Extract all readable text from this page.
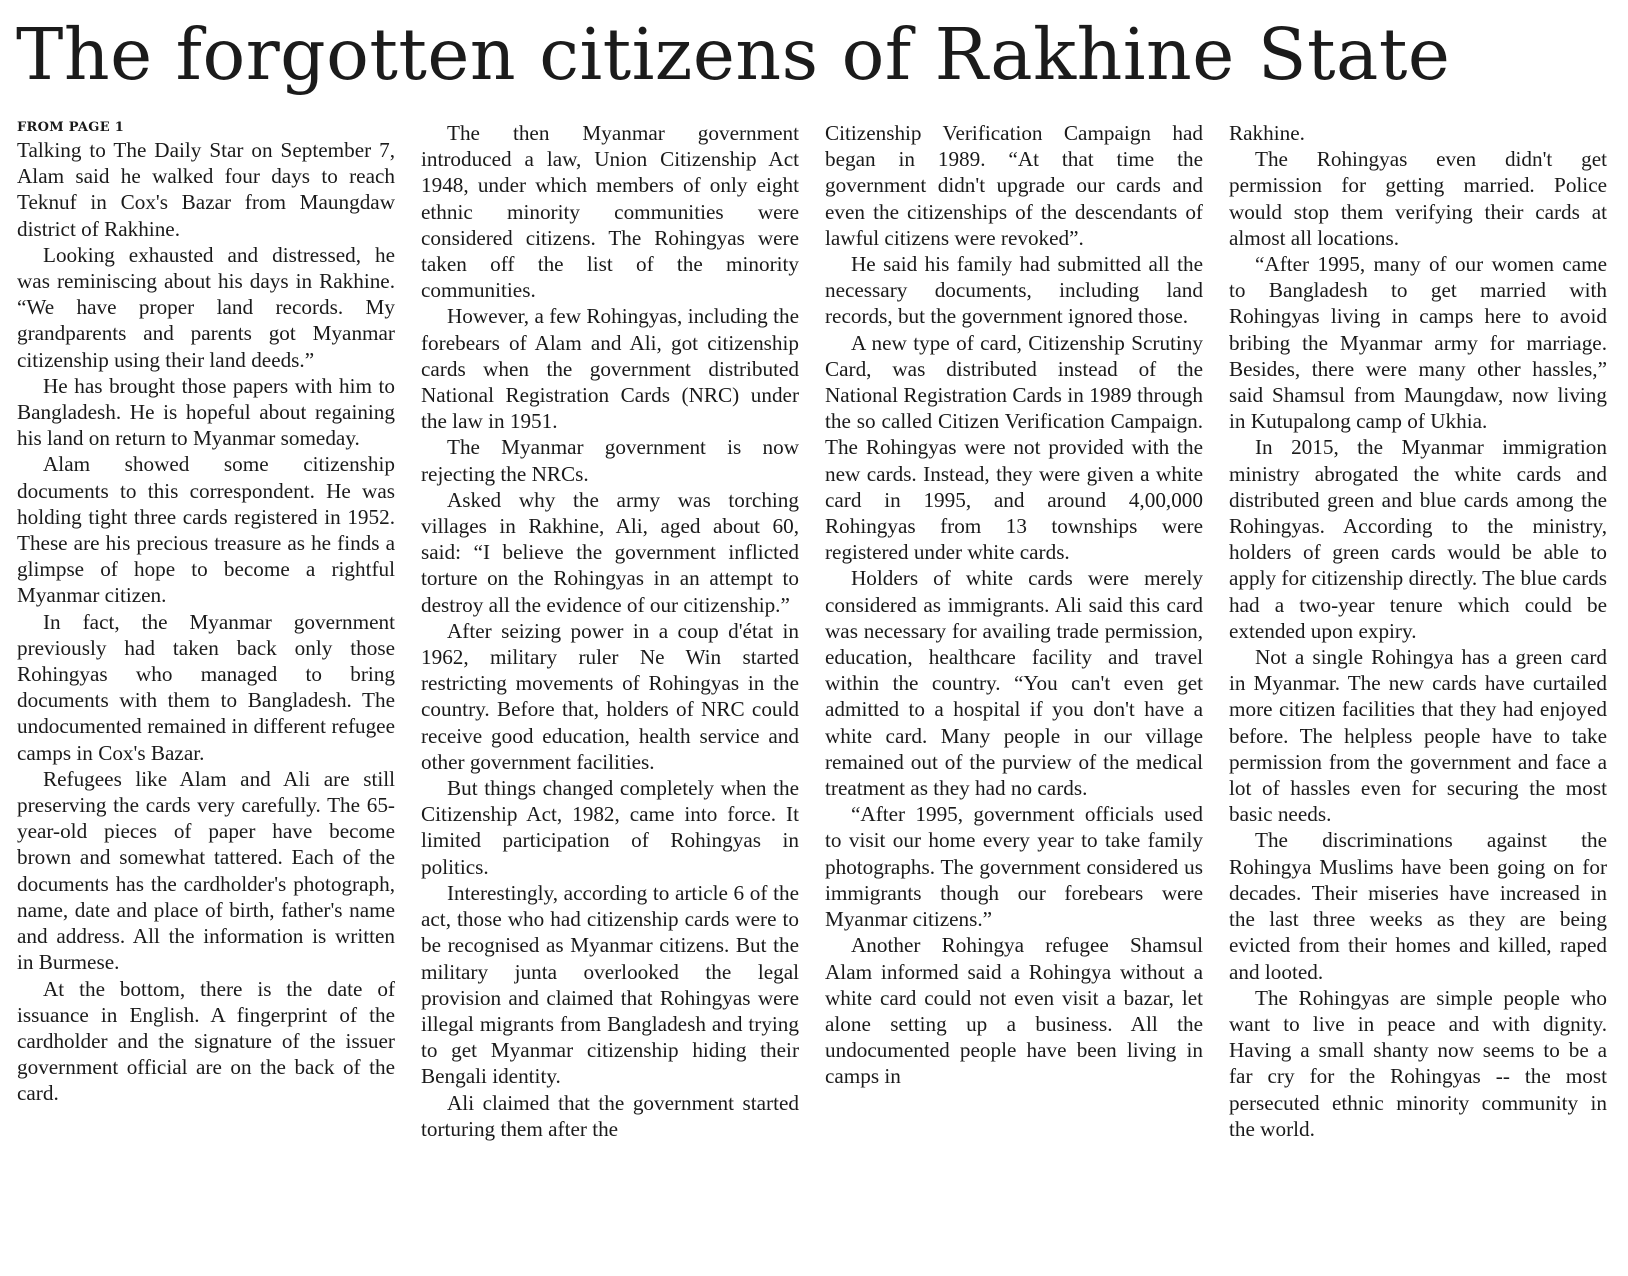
The forgotten citizens of Rakhine State
FROM PAGE 1

Talking to The Daily Star on September 7, Alam said he walked four days to reach Teknuf in Cox's Bazar from Maungdaw district of Rakhine.

Looking exhausted and distressed, he was reminiscing about his days in Rakhine. “We have proper land records. My grandparents and parents got Myanmar citizenship using their land deeds.”

He has brought those papers with him to Bangladesh. He is hopeful about regaining his land on return to Myanmar someday.

Alam showed some citizenship documents to this correspondent. He was holding tight three cards registered in 1952. These are his precious treasure as he finds a glimpse of hope to become a rightful Myanmar citizen.

In fact, the Myanmar government previously had taken back only those Rohingyas who managed to bring documents with them to Bangladesh. The undocumented remained in different refugee camps in Cox's Bazar.

Refugees like Alam and Ali are still preserving the cards very carefully. The 65-year-old pieces of paper have become brown and somewhat tattered. Each of the documents has the cardholder's photograph, name, date and place of birth, father's name and address. All the information is written in Burmese.

At the bottom, there is the date of issuance in English. A fingerprint of the cardholder and the signature of the issuer government official are on the back of the card.

The then Myanmar government introduced a law, Union Citizenship Act 1948, under which members of only eight ethnic minority communities were considered citizens. The Rohingyas were taken off the list of the minority communities.

However, a few Rohingyas, including the forebears of Alam and Ali, got citizenship cards when the government distributed National Registration Cards (NRC) under the law in 1951.

The Myanmar government is now rejecting the NRCs.

Asked why the army was torching villages in Rakhine, Ali, aged about 60, said: “I believe the government inflicted torture on the Rohingyas in an attempt to destroy all the evidence of our citizenship.”

After seizing power in a coup d'état in 1962, military ruler Ne Win started restricting movements of Rohingyas in the country. Before that, holders of NRC could receive good education, health service and other government facilities.

But things changed completely when the Citizenship Act, 1982, came into force. It limited participation of Rohingyas in politics.

Interestingly, according to article 6 of the act, those who had citizenship cards were to be recognised as Myanmar citizens. But the military junta overlooked the legal provision and claimed that Rohingyas were illegal migrants from Bangladesh and trying to get Myanmar citizenship hiding their Bengali identity.

Ali claimed that the government started torturing them after the

Citizenship Verification Campaign had began in 1989. “At that time the government didn't upgrade our cards and even the citizenships of the descendants of lawful citizens were revoked”.

He said his family had submitted all the necessary documents, including land records, but the government ignored those.

A new type of card, Citizenship Scrutiny Card, was distributed instead of the National Registration Cards in 1989 through the so called Citizen Verification Campaign. The Rohingyas were not provided with the new cards. Instead, they were given a white card in 1995, and around 4,00,000 Rohingyas from 13 townships were registered under white cards.

Holders of white cards were merely considered as immigrants. Ali said this card was necessary for availing trade permission, education, healthcare facility and travel within the country. “You can't even get admitted to a hospital if you don't have a white card. Many people in our village remained out of the purview of the medical treatment as they had no cards.

“After 1995, government officials used to visit our home every year to take family photographs. The government considered us immigrants though our forebears were Myanmar citizens.”

Another Rohingya refugee Shamsul Alam informed said a Rohingya without a white card could not even visit a bazar, let alone setting up a business. All the undocumented people have been living in camps in

Rakhine.

The Rohingyas even didn't get permission for getting married. Police would stop them verifying their cards at almost all locations.

“After 1995, many of our women came to Bangladesh to get married with Rohingyas living in camps here to avoid bribing the Myanmar army for marriage. Besides, there were many other hassles,” said Shamsul from Maungdaw, now living in Kutupalong camp of Ukhia.

In 2015, the Myanmar immigration ministry abrogated the white cards and distributed green and blue cards among the Rohingyas. According to the ministry, holders of green cards would be able to apply for citizenship directly. The blue cards had a two-year tenure which could be extended upon expiry.

Not a single Rohingya has a green card in Myanmar. The new cards have curtailed more citizen facilities that they had enjoyed before. The helpless people have to take permission from the government and face a lot of hassles even for securing the most basic needs.

The discriminations against the Rohingya Muslims have been going on for decades. Their miseries have increased in the last three weeks as they are being evicted from their homes and killed, raped and looted.

The Rohingyas are simple people who want to live in peace and with dignity. Having a small shanty now seems to be a far cry for the Rohingyas -- the most persecuted ethnic minority community in the world.
